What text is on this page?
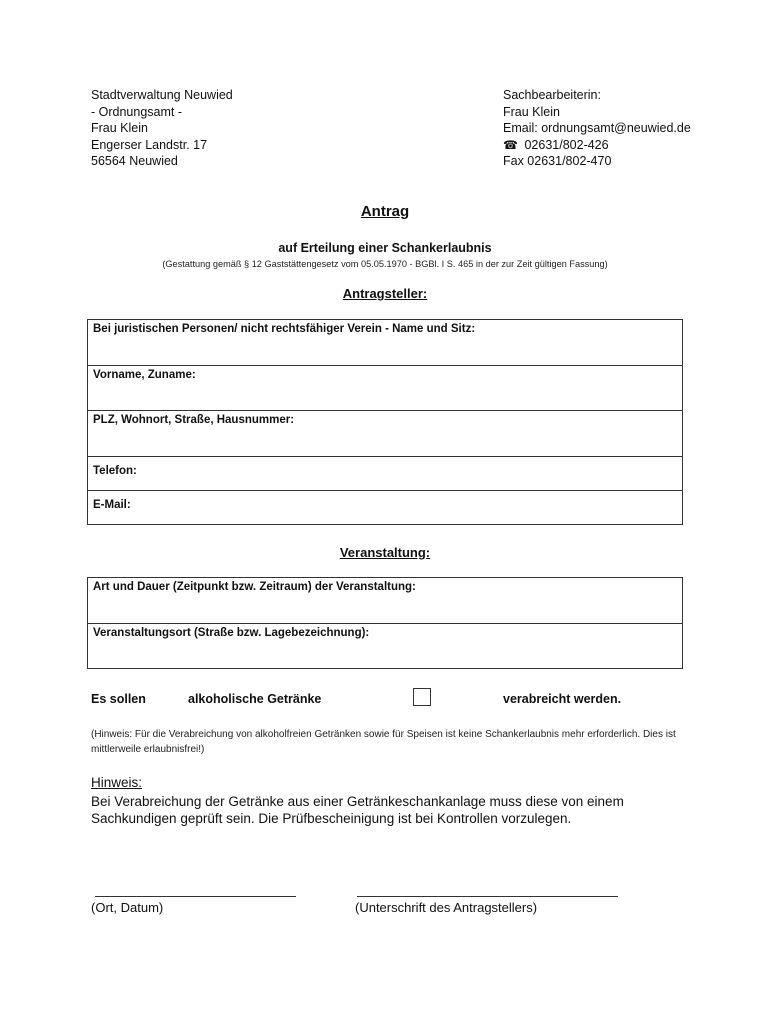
Stadtverwaltung Neuwied
- Ordnungsamt -
Frau Klein
Engerser Landstr. 17
56564 Neuwied
Sachbearbeiterin:
Frau Klein
Email: ordnungsamt@neuwied.de
☎ 02631/802-426
Fax 02631/802-470
Antrag
auf Erteilung einer Schankerlaubnis
(Gestattung gemäß § 12 Gaststättengesetz vom 05.05.1970 - BGBl. I S. 465 in der zur Zeit gültigen Fassung)
Antragsteller:
Bei juristischen Personen/ nicht rechtsfähiger Verein - Name und Sitz:
Vorname, Zuname:
PLZ, Wohnort, Straße, Hausnummer:
Telefon:
E-Mail:
Veranstaltung:
Art und Dauer (Zeitpunkt bzw. Zeitraum) der Veranstaltung:
Veranstaltungsort (Straße bzw. Lagebezeichnung):
Es sollen	alkoholische Getränke	verabreicht werden.
(Hinweis: Für die Verabreichung von alkoholfreien Getränken sowie für Speisen ist keine Schankerlaubnis mehr erforderlich. Dies ist mittlerweile erlaubnisfrei!)
Hinweis:
Bei Verabreichung der Getränke aus einer Getränkeschankanlage muss diese von einem Sachkundigen geprüft sein. Die Prüfbescheinigung ist bei Kontrollen vorzulegen.
(Ort, Datum)	(Unterschrift des Antragstellers)
